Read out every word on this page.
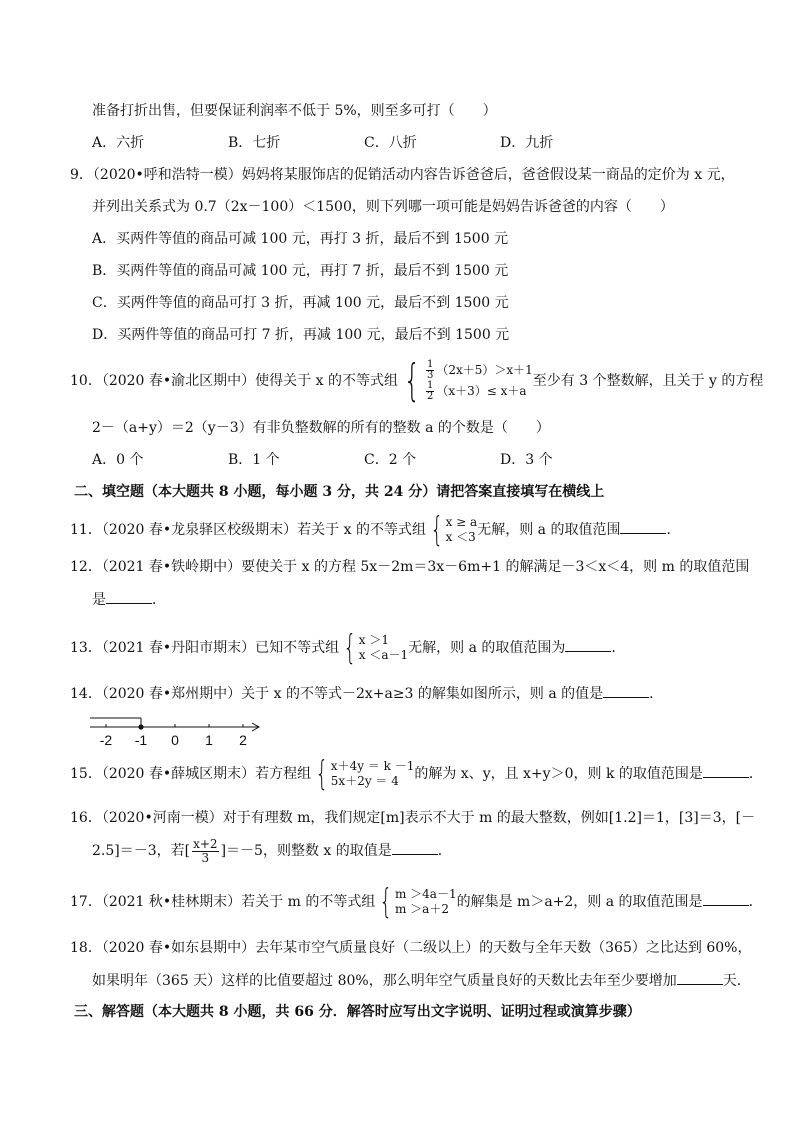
准备打折出售，但要保证利润率不低于 5%，则至多可打（　　）
A．六折	B．七折	C．八折	D．九折
9．（2020•呼和浩特一模）妈妈将某服饰店的促销活动内容告诉爸爸后，爸爸假设某一商品的定价为 x 元，
并列出关系式为 0.7（2x－100）＜1500，则下列哪一项可能是妈妈告诉爸爸的内容（　　）
A．买两件等值的商品可减 100 元，再打 3 折，最后不到 1500 元
B．买两件等值的商品可减 100 元，再打 7 折，最后不到 1500 元
C．买两件等值的商品可打 3 折，再减 100 元，最后不到 1500 元
D．买两件等值的商品可打 7 折，再减 100 元，最后不到 1500 元
10．（2020 春•渝北区期中）使得关于 x 的不等式组 { $\frac{1}{3} (2x+5)>x+1$
$\frac{1}{2} (x+3)\le x+a$
至少有 3 个整数解，且关于 y 的方程
2－（a+y）＝2（y－3）有非负整数解的所有的整数 a 的个数是（　　）
A．0 个	B．1 个	C．2 个	D．3 个
二、填空题（本大题共 8 小题，每小题 3 分，共 24 分）请把答案直接填写在横线上
11．（2020 春•龙泉驿区校级期末）若关于 x 的不等式组 { x ≥ a
x ＜3 无解，则 a 的取值范围	．
12．（2021 春•铁岭期中）要使关于 x 的方程 5x－2m＝3x－6m+1 的解满足－3＜x＜4，则 m 的取值范围
是	．
13．（2021 春•丹阳市期末）已知不等式组 { x ＞1
x ＜a－1 无解，则 a 的取值范围为	．
14．（2020 春•郑州期中）关于 x 的不等式－2x+a≥3 的解集如图所示，则 a 的值是	．
-2 -1 0 1 2
15．（2020 春•薛城区期末）若方程组 { x＋4y ＝ k －1
5x＋2y ＝ 4	的解为 x、y，且 x+y＞0，则 k 的取值范围是	．
16．（2020•河南一模）对于有理数 m，我们规定[m]表示不大于 m 的最大整数，例如[1.2]＝1，[3]＝3，[－
2.5]＝－3，若[ $\frac{x+2}{3} ]=-5$，则整数 x 的取值是	．
17．（2021 秋•桂林期末）若关于 m 的不等式组 { m ＞4a－1
m ＞a＋2 的解集是 m＞a+2，则 a 的取值范围是	．
18．（2020 春•如东县期中）去年某市空气质量良好（二级以上）的天数与全年天数（365）之比达到 60%，
如果明年（365 天）这样的比值要超过 80%，那么明年空气质量良好的天数比去年至少要增加	天．
三、解答题（本大题共 8 小题，共 66 分．解答时应写出文字说明、证明过程或演算步骤）
